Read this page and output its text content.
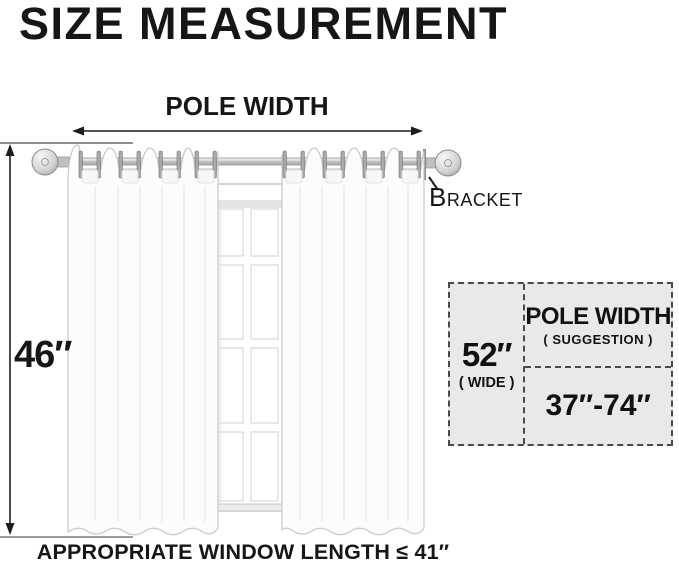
SIZE MEASUREMENT
POLE WIDTH
46″
Bracket
52″
( WIDE )
POLE WIDTH
( SUGGESTION )
37″-74″
APPROPRIATE WINDOW LENGTH ≤ 41″
